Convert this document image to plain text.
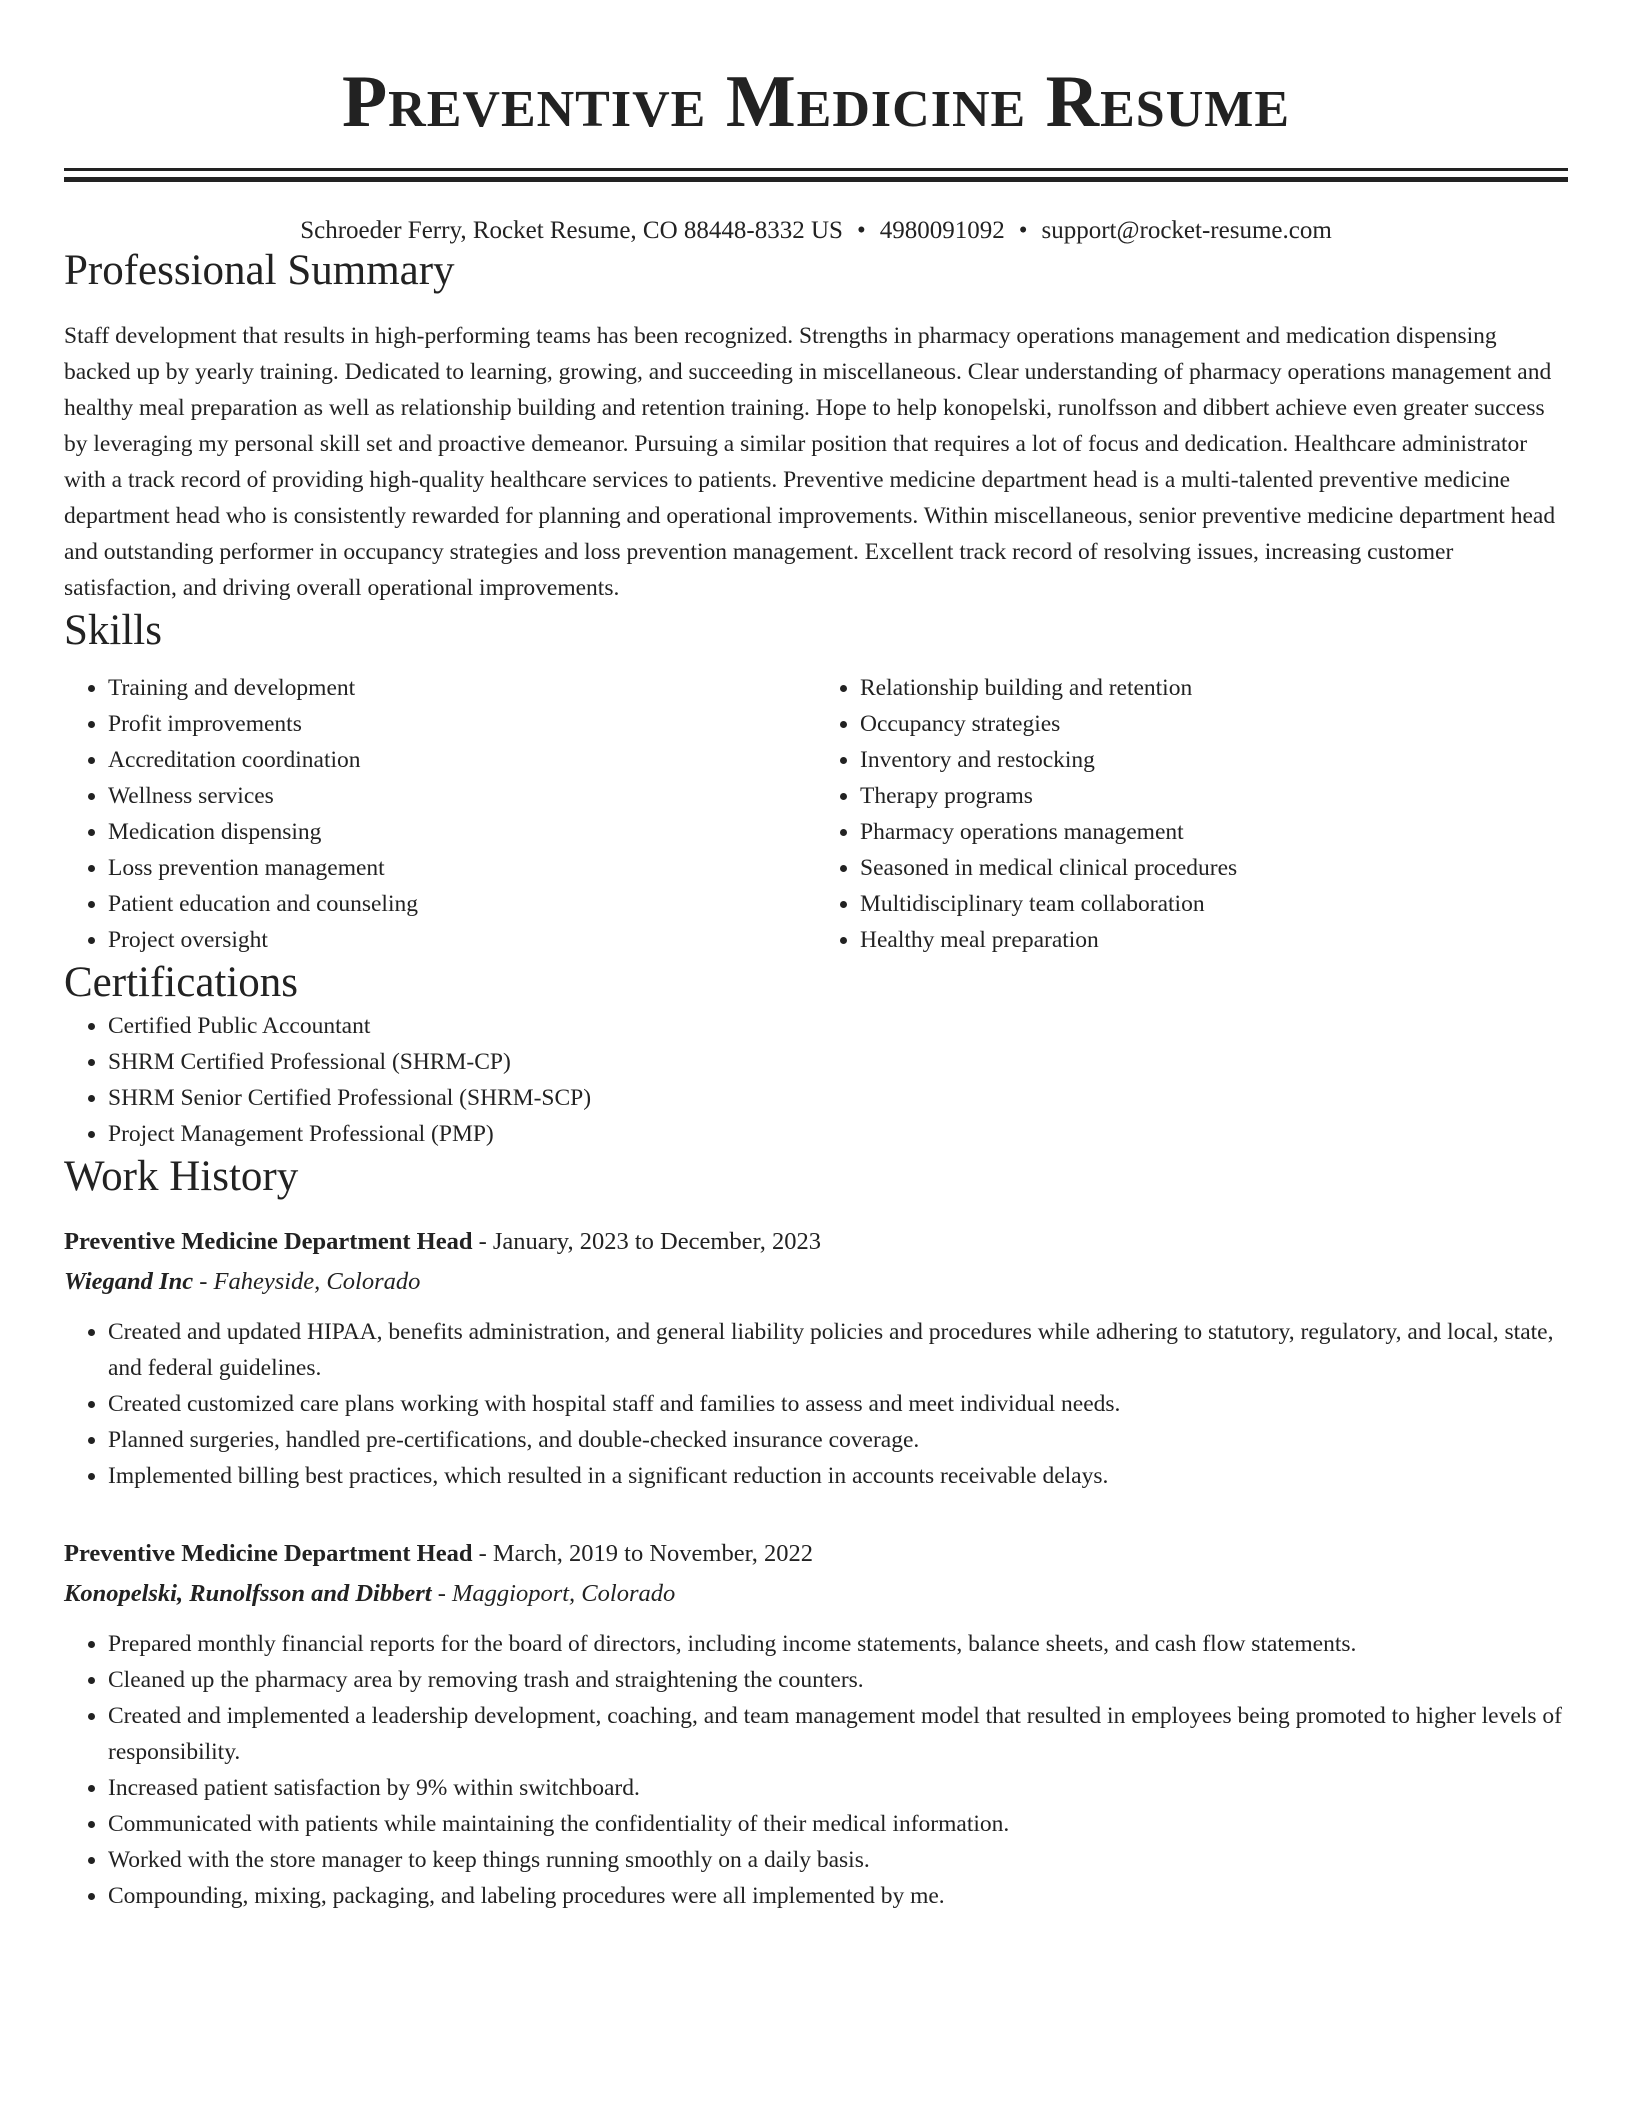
Preventive Medicine Resume
Schroeder Ferry, Rocket Resume, CO 88448-8332 US • 4980091092 • support@rocket-resume.com
Professional Summary

Staff development that results in high-performing teams has been recognized. Strengths in pharmacy operations management and medication dispensing backed up by yearly training. Dedicated to learning, growing, and succeeding in miscellaneous. Clear understanding of pharmacy operations management and healthy meal preparation as well as relationship building and retention training. Hope to help konopelski, runolfsson and dibbert achieve even greater success by leveraging my personal skill set and proactive demeanor. Pursuing a similar position that requires a lot of focus and dedication. Healthcare administrator with a track record of providing high-quality healthcare services to patients. Preventive medicine department head is a multi-talented preventive medicine department head who is consistently rewarded for planning and operational improvements. Within miscellaneous, senior preventive medicine department head and outstanding performer in occupancy strategies and loss prevention management. Excellent track record of resolving issues, increasing customer satisfaction, and driving overall operational improvements.

Skills
• Training and development
• Profit improvements
• Accreditation coordination
• Wellness services
• Medication dispensing
• Loss prevention management
• Patient education and counseling
• Project oversight
• Relationship building and retention
• Occupancy strategies
• Inventory and restocking
• Therapy programs
• Pharmacy operations management
• Seasoned in medical clinical procedures
• Multidisciplinary team collaboration
• Healthy meal preparation
Certifications
• Certified Public Accountant
• SHRM Certified Professional (SHRM-CP)
• SHRM Senior Certified Professional (SHRM-SCP)
• Project Management Professional (PMP)
Work History
Preventive Medicine Department Head - January, 2023 to December, 2023
Wiegand Inc - Faheyside, Colorado
• Created and updated HIPAA, benefits administration, and general liability policies and procedures while adhering to statutory, regulatory, and local, state, and federal guidelines.
• Created customized care plans working with hospital staff and families to assess and meet individual needs.
• Planned surgeries, handled pre-certifications, and double-checked insurance coverage.
• Implemented billing best practices, which resulted in a significant reduction in accounts receivable delays.
Preventive Medicine Department Head - March, 2019 to November, 2022
Konopelski, Runolfsson and Dibbert - Maggioport, Colorado
• Prepared monthly financial reports for the board of directors, including income statements, balance sheets, and cash flow statements.
• Cleaned up the pharmacy area by removing trash and straightening the counters.
• Created and implemented a leadership development, coaching, and team management model that resulted in employees being promoted to higher levels of responsibility.
• Increased patient satisfaction by 9% within switchboard.
• Communicated with patients while maintaining the confidentiality of their medical information.
• Worked with the store manager to keep things running smoothly on a daily basis.
• Compounding, mixing, packaging, and labeling procedures were all implemented by me.
